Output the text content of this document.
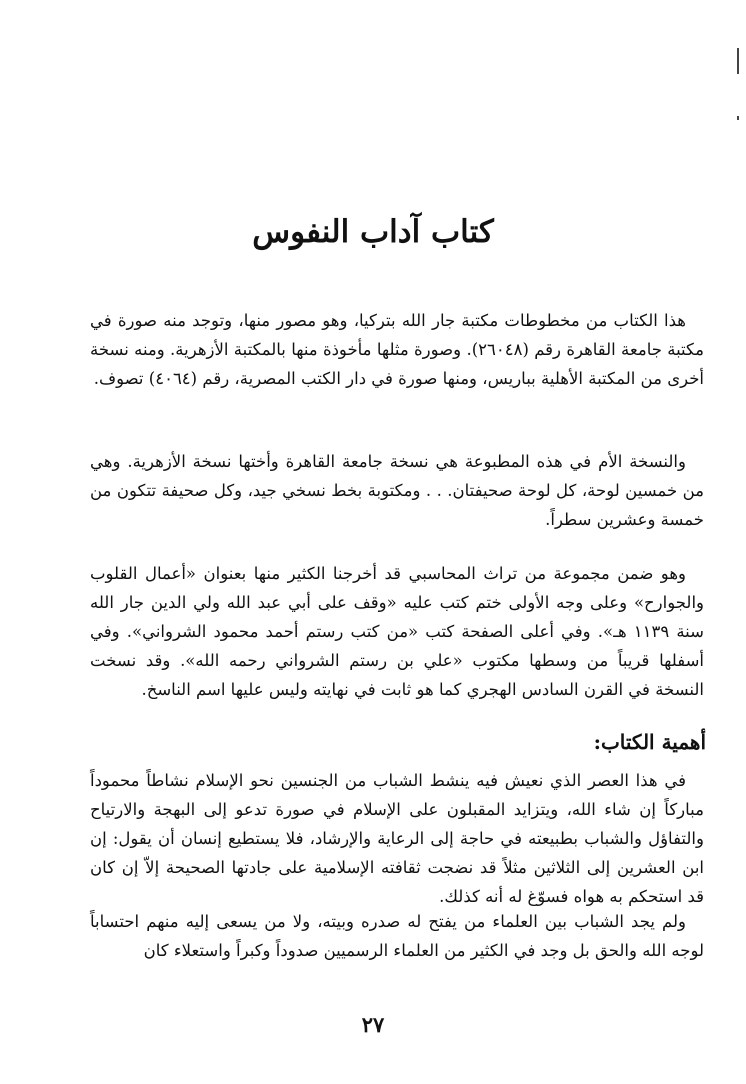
كتاب آداب النفوس

هذا الكتاب من مخطوطات مكتبة جار الله بتركيا، وهو مصور منها، وتوجد منه صورة في مكتبة جامعة القاهرة رقم (٢٦٠٤٨). وصورة مثلها مأخوذة منها بالمكتبة الأزهرية. ومنه نسخة أخرى من المكتبة الأهلية بباريس، ومنها صورة في دار الكتب المصرية، رقم (٤٠٦٤) تصوف.

والنسخة الأم في هذه المطبوعة هي نسخة جامعة القاهرة وأختها نسخة الأزهرية. وهي من خمسين لوحة، كل لوحة صحيفتان. . . ومكتوبة بخط نسخي جيد، وكل صحيفة تتكون من خمسة وعشرين سطراً.

وهو ضمن مجموعة من تراث المحاسبي قد أخرجنا الكثير منها بعنوان «أعمال القلوب والجوارح» وعلى وجه الأولى ختم كتب عليه «وقف على أبي عبد الله ولي الدين جار الله سنة ١١٣٩ هـ». وفي أعلى الصفحة كتب «من كتب رستم أحمد محمود الشرواني». وفي أسفلها قريباً من وسطها مكتوب «علي بن رستم الشرواني رحمه الله». وقد نسخت النسخة في القرن السادس الهجري كما هو ثابت في نهايته وليس عليها اسم الناسخ.

أهمية الكتاب:

في هذا العصر الذي نعيش فيه ينشط الشباب من الجنسين نحو الإسلام نشاطاً محموداً مباركاً إن شاء الله، ويتزايد المقبلون على الإسلام في صورة تدعو إلى البهجة والارتياح والتفاؤل والشباب بطبيعته في حاجة إلى الرعاية والإرشاد، فلا يستطيع إنسان أن يقول: إن ابن العشرين إلى الثلاثين مثلاً قد نضجت ثقافته الإسلامية على جادتها الصحيحة إلاّ إن كان قد استحكم به هواه فسوّغ له أنه كذلك.

ولم يجد الشباب بين العلماء من يفتح له صدره وبيته، ولا من يسعى إليه منهم احتساباً لوجه الله والحق بل وجد في الكثير من العلماء الرسميين صدوداً وكبراً واستعلاء كان

٢٧
